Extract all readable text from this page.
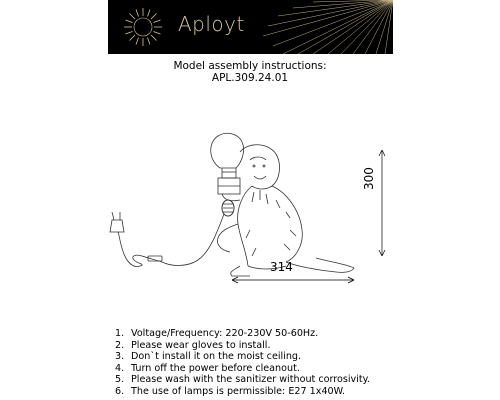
Aployt
Model assembly instructions:
APL.309.24.01
314
300
1. Voltage/Frequency: 220-230V 50-60Hz.
2. Please wear gloves to install.
3. Don`t install it on the moist ceiling.
4. Turn off the power before cleanout.
5. Please wash with the sanitizer without corrosivity.
6. The use of lamps is permissible: E27 1x40W.
